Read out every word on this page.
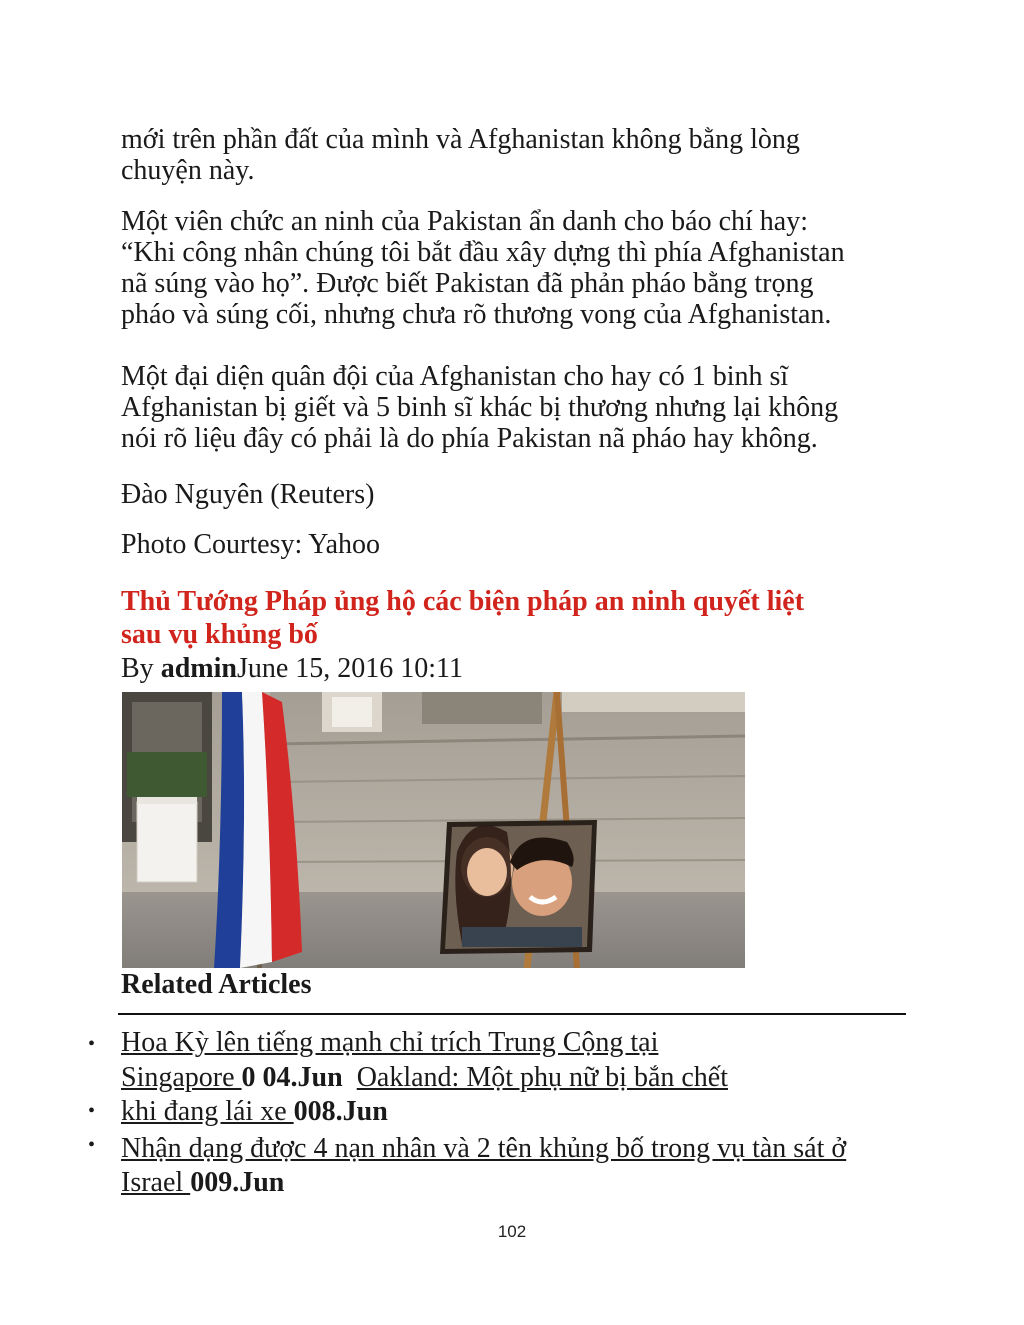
mới trên phần đất của mình và Afghanistan không bằng lòng
chuyện này.

Một viên chức an ninh của Pakistan ẩn danh cho báo chí hay:
“Khi công nhân chúng tôi bắt đầu xây dựng thì phía Afghanistan
nã súng vào họ”. Được biết Pakistan đã phản pháo bằng trọng
pháo và súng cối, nhưng chưa rõ thương vong của Afghanistan.

Một đại diện quân đội của Afghanistan cho hay có 1 binh sĩ
Afghanistan bị giết và 5 binh sĩ khác bị thương nhưng lại không
nói rõ liệu đây có phải là do phía Pakistan nã pháo hay không.

Đào Nguyên (Reuters)

Photo Courtesy: Yahoo

Thủ Tướng Pháp ủng hộ các biện pháp an ninh quyết liệt
sau vụ khủng bố
By adminJune 15, 2016 10:11
Related Articles
•
•
•
Hoa Kỳ lên tiếng mạnh chỉ trích Trung Cộng tại
Singapore 0 04.Jun Oakland: Một phụ nữ bị bắn chết
khi đang lái xe 008.Jun
Nhận dạng được 4 nạn nhân và 2 tên khủng bố trong vụ tàn sát ở
Israel 009.Jun
102
